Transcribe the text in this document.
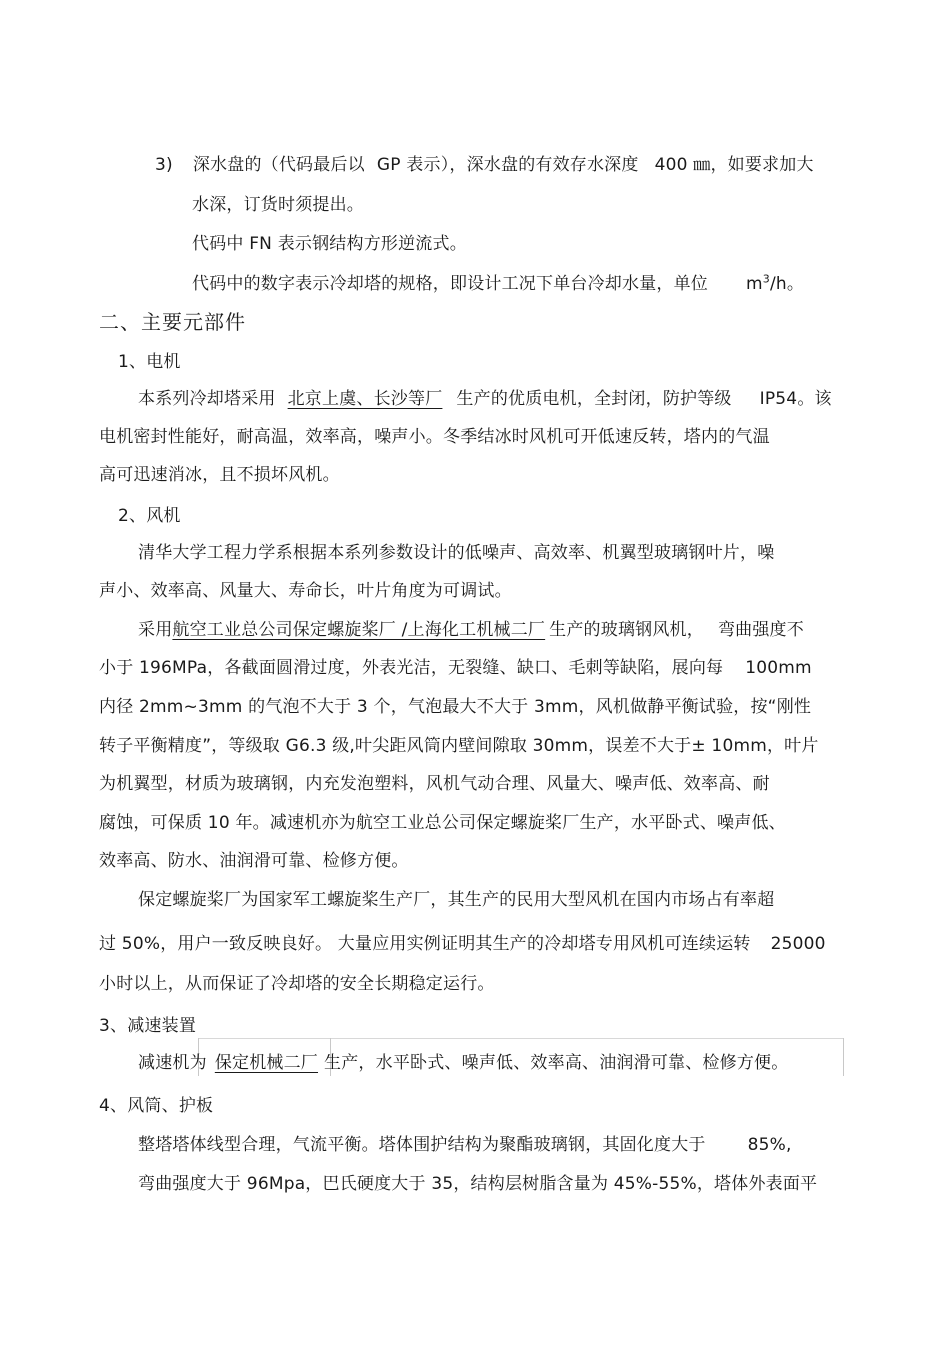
3) 深水盘的（代码最后以 GP 表示），深水盘的有效存水深度 400 ㎜，如要求加大
水深，订货时须提出。
代码中 FN 表示钢结构方形逆流式。
代码中的数字表示冷却塔的规格，即设计工况下单台冷却水量，单位 $m^3/h$。
二、主要元部件
1、电机
本系列冷却塔采用 北京上虞、长沙等厂 生产的优质电机，全封闭，防护等级 IP54。该
电机密封性能好，耐高温，效率高，噪声小。冬季结冰时风机可开低速反转，塔内的气温
高可迅速消冰，且不损坏风机。
2、风机
清华大学工程力学系根据本系列参数设计的低噪声、高效率、机翼型玻璃钢叶片，噪
声小、效率高、风量大、寿命长，叶片角度为可调试。
采用航空工业总公司保定螺旋桨厂 /上海化工机械二厂 生产的玻璃钢风机， 弯曲强度不
小于 196MPa，各截面圆滑过度，外表光洁，无裂缝、缺口、毛刺等缺陷，展向每 100mm
内径 2mm~3mm 的气泡不大于 3 个，气泡最大不大于 3mm，风机做静平衡试验，按“刚性
转子平衡精度”，等级取 G6.3 级,叶尖距风筒内壁间隙取 30mm，误差不大于± 10mm，叶片
为机翼型，材质为玻璃钢，内充发泡塑料，风机气动合理、风量大、噪声低、效率高、耐
腐蚀，可保质 10 年。减速机亦为航空工业总公司保定螺旋桨厂生产，水平卧式、噪声低、
效率高、防水、油润滑可靠、检修方便。
保定螺旋桨厂为国家军工螺旋桨生产厂，其生产的民用大型风机在国内市场占有率超
过 50%，用户一致反映良好。 大量应用实例证明其生产的冷却塔专用风机可连续运转 25000
小时以上，从而保证了冷却塔的安全长期稳定运行。
3、减速装置
减速机为 保定机械二厂 生产，水平卧式、噪声低、效率高、油润滑可靠、检修方便。
4、风筒、护板
整塔塔体线型合理，气流平衡。塔体围护结构为聚酯玻璃钢，其固化度大于 85%,
弯曲强度大于 96Mpa，巴氏硬度大于 35，结构层树脂含量为 45%-55%，塔体外表面平
